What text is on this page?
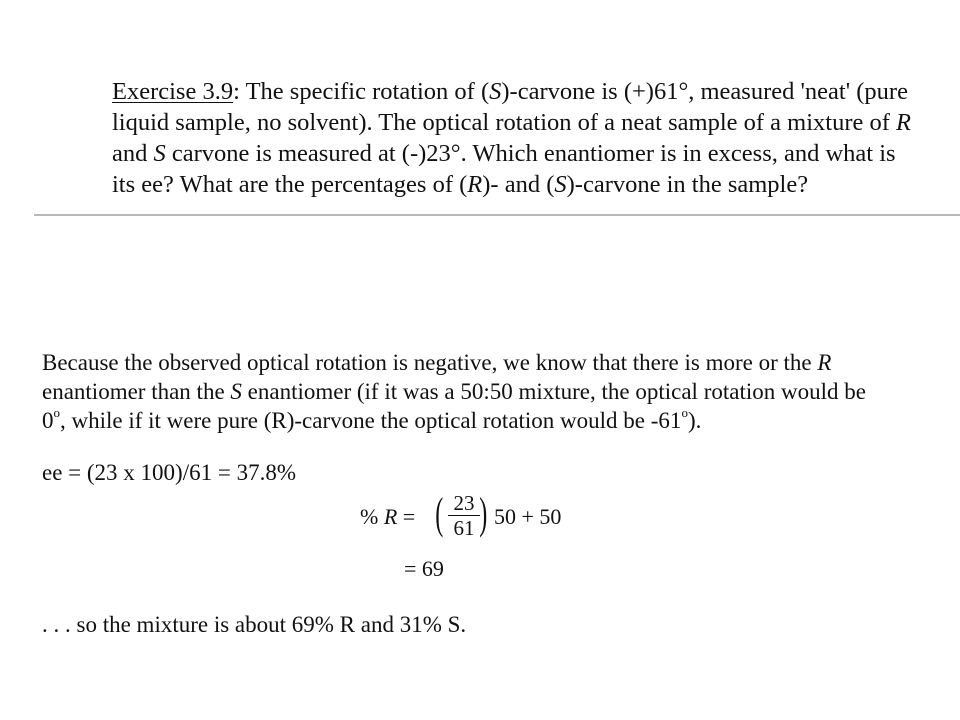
Exercise 3.9: The specific rotation of (S)-carvone is (+)61°, measured 'neat' (pure
liquid sample, no solvent). The optical rotation of a neat sample of a mixture of R
and S carvone is measured at (-)23°. Which enantiomer is in excess, and what is
its ee? What are the percentages of (R)- and (S)-carvone in the sample?
Because the observed optical rotation is negative, we know that there is more or the R
enantiomer than the S enantiomer (if it was a 50:50 mixture, the optical rotation would be
0$^o$, while if it were pure (R)-carvone the optical rotation would be -61$^o$).
ee = (23 x 100)/61 = 37.8%
% R = ( 23
61 ) 50 + 50
= 69
. . . so the mixture is about 69% R and 31% S.
